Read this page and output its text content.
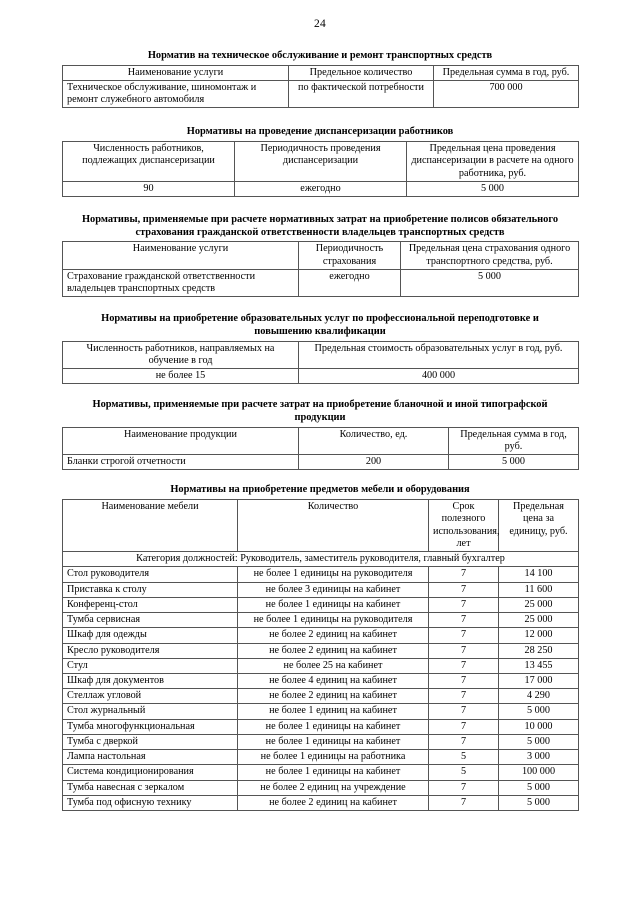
24
Норматив на техническое обслуживание и ремонт транспортных средств
Наименование услуги	Предельное количество	Предельная сумма в год, руб.
Техническое обслуживание, шиномонтаж и ремонт служебного автомобиля	по фактической потребности	700 000
Нормативы на проведение диспансеризации работников
Численность работников, подлежащих диспансеризации	Периодичность проведения диспансеризации	Предельная цена проведения диспансеризации в расчете на одного работника, руб.
90	ежегодно	5 000
Нормативы, применяемые при расчете нормативных затрат на приобретение полисов обязательного страхования гражданской ответственности владельцев транспортных средств
Наименование услуги	Периодичность страхования	Предельная цена страхования одного транспортного средства, руб.
Страхование гражданской ответственности владельцев транспортных средств	ежегодно	5 000
Нормативы на приобретение образовательных услуг по профессиональной переподготовке и повышению квалификации
Численность работников, направляемых на обучение в год	Предельная стоимость образовательных услуг в год, руб.
не более 15	400 000
Нормативы, применяемые при расчете затрат на приобретение бланочной и иной типографской продукции
Наименование продукции	Количество, ед.	Предельная сумма в год, руб.
Бланки строгой отчетности	200	5 000
Нормативы на приобретение предметов мебели и оборудования
Наименование мебели	Количество	Срок полезного использования, лет	Предельная цена за единицу, руб.
Категория должностей: Руководитель, заместитель руководителя, главный бухгалтер			
Стол руководителя	не более 1 единицы на руководителя	7	14 100
Приставка к столу	не более 3 единицы на кабинет	7	11 600
Конференц-стол	не более 1 единицы на кабинет	7	25 000
Тумба сервисная	не более 1 единицы на руководителя	7	25 000
Шкаф для одежды	не более 2 единиц на кабинет	7	12 000
Кресло руководителя	не более 2 единиц на кабинет	7	28 250
Стул	не более 25 на кабинет	7	13 455
Шкаф для документов	не более 4 единиц на кабинет	7	17 000
Стеллаж угловой	не более 2 единиц на кабинет	7	4 290
Стол журнальный	не более 1 единиц на кабинет	7	5 000
Тумба многофункциональная	не более 1 единицы на кабинет	7	10 000
Тумба с дверкой	не более 1 единицы на кабинет	7	5 000
Лампа настольная	не более 1 единицы на работника	5	3 000
Система кондиционирования	не более 1 единицы на кабинет	5	100 000
Тумба навесная с зеркалом	не более 2 единиц на учреждение	7	5 000
Тумба под офисную технику	не более 2 единиц на кабинет	7	5 000
